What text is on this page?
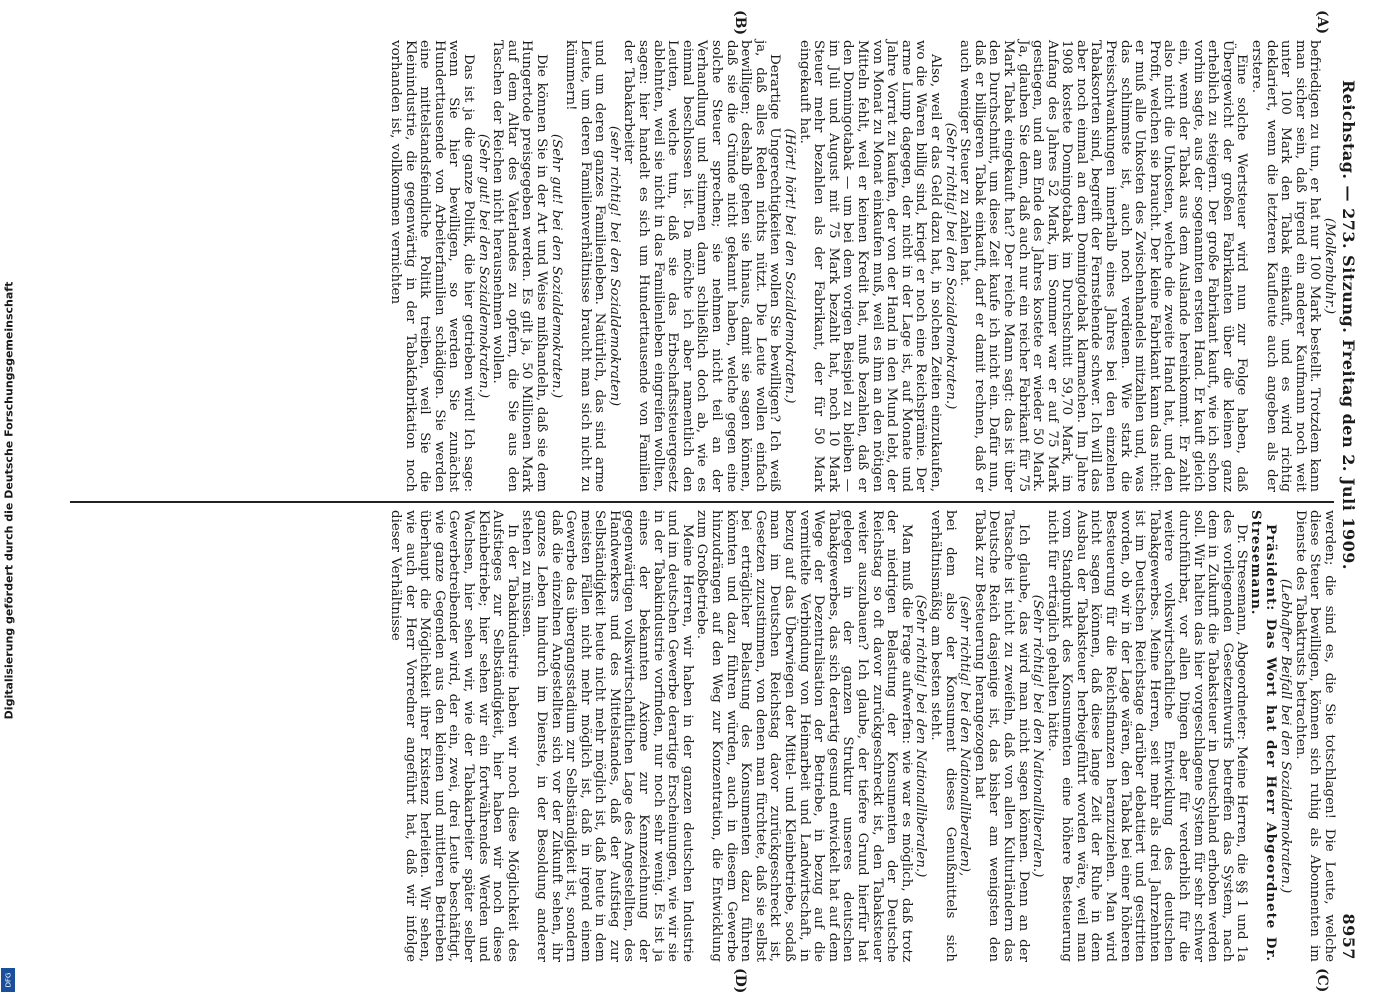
Digitalisierung gefördert durch die Deutsche Forschungsgemeinschaft
DFG
Reichstag. — 273. Sitzung. Freitag den 2. Juli 1909.
8957

(Molkenbuhr.)

befriedigen zu tun, er hat nur 100 Mark bestellt. Trotzdem kann man sicher sein, daß irgend ein anderer Kaufmann noch weit unter 100 Mark den Tabak einkauft, und es wird richtig deklariert, wenn die letzteren Kaufleute auch angeben als der erstere.

Eine solche Wertsteuer wird nun zur Folge haben, daß Übergewicht der großen Fabrikanten über die kleinen ganz erheblich zu steigern. Der große Fabrikant kauft, wie ich schon vorhin sagte, aus der sogenannten ersten Hand. Er kauft gleich ein, wenn der Tabak aus dem Auslande hereinkommt. Er zahlt also nicht die Unkosten, welche die zweite Hand hat, und den Profit, welchen sie braucht. Der kleine Fabrikant kann das nicht: er muß alle Unkosten des Zwischenhandels mitzahlen und, was das schlimmste ist, auch noch verdienen. Wie stark die Preisschwankungen innerhalb eines Jahres bei den einzelnen Tabaksorten sind, begreift der Fernstehende schwer. Ich will das aber noch einmal an dem Domingotabak klarmachen. Im Jahre 1908 kostete Domingotabak im Durchschnitt 59,70 Mark, im Anfang des Jahres 52 Mark, im Sommer war er auf 75 Mark gestiegen, und am Ende des Jahres kostete er wieder 50 Mark. Ja, glauben Sie denn, daß auch nur ein reicher Fabrikant für 75 Mark Tabak eingekauft hat? Der reiche Mann sagt: das ist über den Durchschnitt, um diese Zeit kaufe ich nicht ein. Dafür nun, daß er billigeren Tabak einkauft, darf er damit rechnen, daß er auch weniger Steuer zu zahlen hat.

(Sehr richtig! bei den Sozialdemokraten.)

Also, weil er das Geld dazu hat, in solchen Zeiten einzukaufen, wo die Waren billig sind, kriegt er noch eine Reichsprämie. Der arme Lump dagegen, der nicht in der Lage ist, auf Monate und Jahre Vorrat zu kaufen, der von der Hand in den Mund lebt, der von Monat zu Monat einkaufen muß, weil es ihm an den nötigen Mitteln fehlt, weil er keinen Kredit hat, muß bezahlen, daß er den Domingotabak — um bei dem vorigen Beispiel zu bleiben — im Juli und August mit 75 Mark bezahlt hat, noch 10 Mark Steuer mehr bezahlen als der Fabrikant, der für 50 Mark eingekauft hat.

(Hört! hört! bei den Sozialdemokraten.)

Derartige Ungerechtigkeiten wollen Sie bewilligen? Ich weiß ja, daß alles Reden nichts nützt. Die Leute wollen einfach bewilligen; deshalb gehen sie hinaus, damit sie sagen können, daß sie die Gründe nicht gekannt haben, welche gegen eine solche Steuer sprechen; sie nehmen nicht teil an der Verhandlung und stimmen dann schließlich doch ab, wie es einmal beschlossen ist. Da möchte ich aber namentlich den Leuten, welche tun, daß sie das Erbschaftssteuergesetz ablehnten, weil sie nicht in das Familienleben eingreifen wollten, sagen: hier handelt es sich um Hunderttausende von Familien der Tabakarbeiter

(sehr richtig! bei den Sozialdemokraten)

und um deren ganzes Familienleben. Natürlich, das sind arme Leute, um deren Familienverhältnisse braucht man sich nicht zu kümmern!

(Sehr gut! bei den Sozialdemokraten.)

Die können Sie in der Art und Weise mißhandeln, daß sie dem Hungertode preisgegeben werden. Es gilt ja, 50 Millionen Mark auf dem Altar des Vaterlandes zu opfern, die Sie aus den Taschen der Reichen nicht herausnehmen wollen.

(Sehr gut! bei den Sozialdemokraten.)

Das ist ja die ganze Politik, die hier getrieben wird! Ich sage: wenn Sie hier bewilligen, so werden Sie zunächst Hunderttausende von Arbeiterfamilien schädigen. Sie werden eine mittelstandsfeindliche Politik treiben, weil Sie die Kleinindustrie, die gegenwärtig in der Tabakfabrikation noch vorhanden ist, vollkommen vernichten

werden; die sind es, die Sie totschlagen! Die Leute, welche diese Steuer bewilligen, können sich ruhig als Abonnenten im Dienste des Tabaktrusts betrachten.

(Lebhafter Beifall bei den Sozialdemokraten.)

Präsident: Das Wort hat der Herr Abgeordnete Dr. Stresemann.

Dr. Stresemann, Abgeordneter: Meine Herren, die §§ 1 und 1a des vorliegenden Gesetzentwurfs betreffen das System, nach dem in Zukunft die Tabaksteuer in Deutschland erhoben werden soll. Wir halten das hier vorgeschlagene System für sehr schwer durchführbar, vor allen Dingen aber für verderblich für die weitere volkswirtschaftliche Entwicklung des deutschen Tabakgewerbes. Meine Herren, seit mehr als drei Jahrzehnten ist im Deutschen Reichstage darüber debattiert und gestritten worden, ob wir in der Lage wären, den Tabak bei einer höheren Besteuerung für die Reichsfinanzen heranzuziehen. Man wird nicht sagen können, daß diese lange Zeit der Ruhe in dem Ausbau der Tabaksteuer herbeigeführt worden wäre, weil man vom Standpunkt des Konsumenten eine höhere Besteuerung nicht für erträglich gehalten hätte.

(Sehr richtig! bei den Nationalliberalen.)

Ich glaube, das wird man nicht sagen können. Denn an der Tatsache ist nicht zu zweifeln, daß von allen Kulturländern das Deutsche Reich dasjenige ist, das bisher am wenigsten den Tabak zur Besteuerung herangezogen hat

(sehr richtig! bei den Nationalliberalen),

bei dem also der Konsument dieses Genußmittels sich verhältnismäßig am besten steht.

(Sehr richtig! bei den Nationalliberalen.)

Man muß die Frage aufwerfen: wie war es möglich, daß trotz der niedrigen Belastung der Konsumenten der Deutsche Reichstag so oft davor zurückgeschreckt ist, den Tabaksteuer weiter auszubauen? Ich glaube, der tiefere Grund hierfür hat gelegen in der ganzen Struktur unseres deutschen Tabakgewerbes, das sich derartig gesund entwickelt hat auf dem Wege der Dezentralisation der Betriebe, in bezug auf die vermittelte Verbindung von Heimarbeit und Landwirtschaft, in bezug auf das Überwiegen der Mittel- und Kleinbetriebe, sodaß man im Deutschen Reichstag davor zurückgeschreckt ist, Gesetzen zuzustimmen, von denen man fürchtete, daß sie selbst bei erträglicher Belastung des Konsumenten dazu führen könnten und dazu führen würden, auch in diesem Gewerbe hinzudrängen auf den Weg zur Konzentration, die Entwicklung zum Großbetriebe.

Meine Herren, wir haben in der ganzen deutschen Industrie und im deutschen Gewerbe derartige Erscheinungen, wie wir sie in der Tabakindustrie vorfinden, nur noch sehr wenig. Es ist ja eines der bekannten Axiome zur Kennzeichnung der gegenwärtigen volkswirtschaftlichen Lage des Angestellten, des Handwerkers und des Mittelstandes, daß der Aufstieg zur Selbständigkeit heute nicht mehr möglich ist, daß heute in dem meisten Fällen nicht mehr möglich ist, daß in irgend einem Gewerbe das übergangsstadium zur Selbständigkeit ist, sondern daß die einzelnen Angestellten sich vor der Zukunft sehen, ihr ganzes Leben hindurch im Dienste, in der Besoldung anderer stehen zu müssen.

In der Tabakindustrie haben wir noch diese Möglichkeit des Aufstieges zur Selbständigkeit, hier haben wir noch diese Kleinbetriebe; hier sehen wir ein fortwährendes Werden und Wachsen, hier sehen wir, wie der Tabakarbeiter später selber Gewerbetreibender wird, der ein, zwei, drei Leute beschäftigt, wie ganze Gegenden aus den kleinen und mittleren Betrieben überhaupt die Möglichkeit ihrer Existenz herleiten. Wir sehen, wie auch der Herr Vorredner angeführt hat, daß wir infolge dieser Verhältnisse

(A)
(B)
(C)
(D)
